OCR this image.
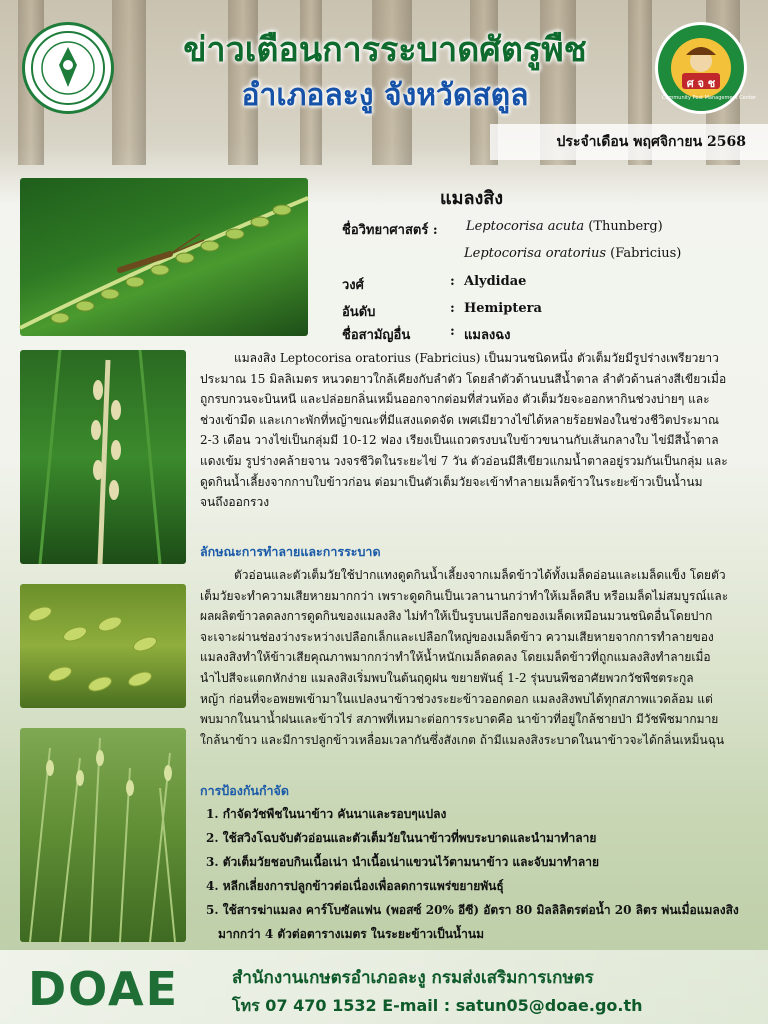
ข่าวเตือนการระบาดศัตรูพืช
อำเภอละงู จังหวัดสตูล	ศ จ ช
Community Pest Management Center
ประจำเดือน พฤศจิกายน 2568
แมลงสิง
ชื่อวิทยาศาสตร์ :	Leptocorisa acuta (Thunberg)
Leptocorisa oratorius (Fabricius)
วงศ์	: Alydidae
อันดับ	: Hemiptera
ชื่อสามัญอื่น	: แมลงฉง
แมลงสิง Leptocorisa oratorius (Fabricius) เป็นมวนชนิดหนึ่ง ตัวเต็มวัยมีรูปร่างเพรียวยาว
ประมาณ 15 มิลลิเมตร หนวดยาวใกล้เคียงกับลำตัว โดยลำตัวด้านบนสีน้ำตาล ลำตัวด้านล่างสีเขียวเมื่อ
ถูกรบกวนจะบินหนี และปล่อยกลิ่นเหม็นออกจากต่อมที่ส่วนท้อง ตัวเต็มวัยจะออกหากินช่วงบ่ายๆ และ
ช่วงเข้ามืด และเกาะพักที่หญ้าขณะที่มีแสงแดดจัด เพศเมียวางไข่ได้หลายร้อยฟองในช่วงชีวิตประมาณ
2-3 เดือน วางไข่เป็นกลุ่มมี 10-12 ฟอง เรียงเป็นแถวตรงบนใบข้าวขนานกับเส้นกลางใบ ไข่มีสีน้ำตาล
แดงเข้ม รูปร่างคล้ายจาน วงจรชีวิตในระยะไข่ 7 วัน ตัวอ่อนมีสีเขียวแกมน้ำตาลอยู่รวมกันเป็นกลุ่ม และ
ดูดกินน้ำเลี้ยงจากกาบใบข้าวก่อน ต่อมาเป็นตัวเต็มวัยจะเข้าทำลายเมล็ดข้าวในระยะข้าวเป็นน้ำนม
จนถึงออกรวง
ลักษณะการทำลายและการระบาด
ตัวอ่อนและตัวเต็มวัยใช้ปากแทงดูดกินน้ำเลี้ยงจากเมล็ดข้าวได้ทั้งเมล็ดอ่อนและเมล็ดแข็ง โดยตัว
เต็มวัยจะทำความเสียหายมากกว่า เพราะดูดกินเป็นเวลานานกว่าทำให้เมล็ดลีบ หรือเมล็ดไม่สมบูรณ์และ
ผลผลิตข้าวลดลงการดูดกินของแมลงสิง ไม่ทำให้เป็นรูบนเปลือกของเมล็ดเหมือนมวนชนิดอื่นโดยปาก
จะเจาะผ่านช่องว่างระหว่างเปลือกเล็กและเปลือกใหญ่ของเมล็ดข้าว ความเสียหายจากการทำลายของ
แมลงสิงทำให้ข้าวเสียคุณภาพมากกว่าทำให้น้ำหนักเมล็ดลดลง โดยเมล็ดข้าวที่ถูกแมลงสิงทำลายเมื่อ
นำไปสีจะแตกหักง่าย แมลงสิงเริ่มพบในต้นฤดูฝน ขยายพันธุ์ 1-2 รุ่นบนพืชอาศัยพวกวัชพืชตระกูล
หญ้า ก่อนที่จะอพยพเข้ามาในแปลงนาข้าวช่วงระยะข้าวออกดอก แมลงสิงพบได้ทุกสภาพแวดล้อม แต่
พบมากในนาน้ำฝนและข้าวไร่ สภาพที่เหมาะต่อการระบาดคือ นาข้าวที่อยู่ใกล้ชายป่า มีวัชพืชมากมาย
ใกล้นาข้าว และมีการปลูกข้าวเหลื่อมเวลากันซึ่งสังเกต ถ้ามีแมลงสิงระบาดในนาข้าวจะได้กลิ่นเหม็นฉุน
การป้องกันกำจัด
1. กำจัดวัชพืชในนาข้าว คันนาและรอบๆแปลง
2. ใช้สวิงโฉบจับตัวอ่อนและตัวเต็มวัยในนาข้าวที่พบระบาดและนำมาทำลาย
3. ตัวเต็มวัยชอบกินเนื้อเน่า นำเนื้อเน่าแขวนไว้ตามนาข้าว และจับมาทำลาย
4. หลีกเลี่ยงการปลูกข้าวต่อเนื่องเพื่อลดการแพร่ขยายพันธุ์
5. ใช้สารฆ่าแมลง คาร์โบซัลแฟน (พอสซ์ 20% อีซี) อัตรา 80 มิลลิลิตรต่อน้ำ 20 ลิตร พ่นเมื่อแมลงสิง
มากกว่า 4 ตัวต่อตารางเมตร ในระยะข้าวเป็นน้ำนม
DOAE	สำนักงานเกษตรอำเภอละงู กรมส่งเสริมการเกษตร
โทร 07 470 1532 E-mail : satun05@doae.go.th
